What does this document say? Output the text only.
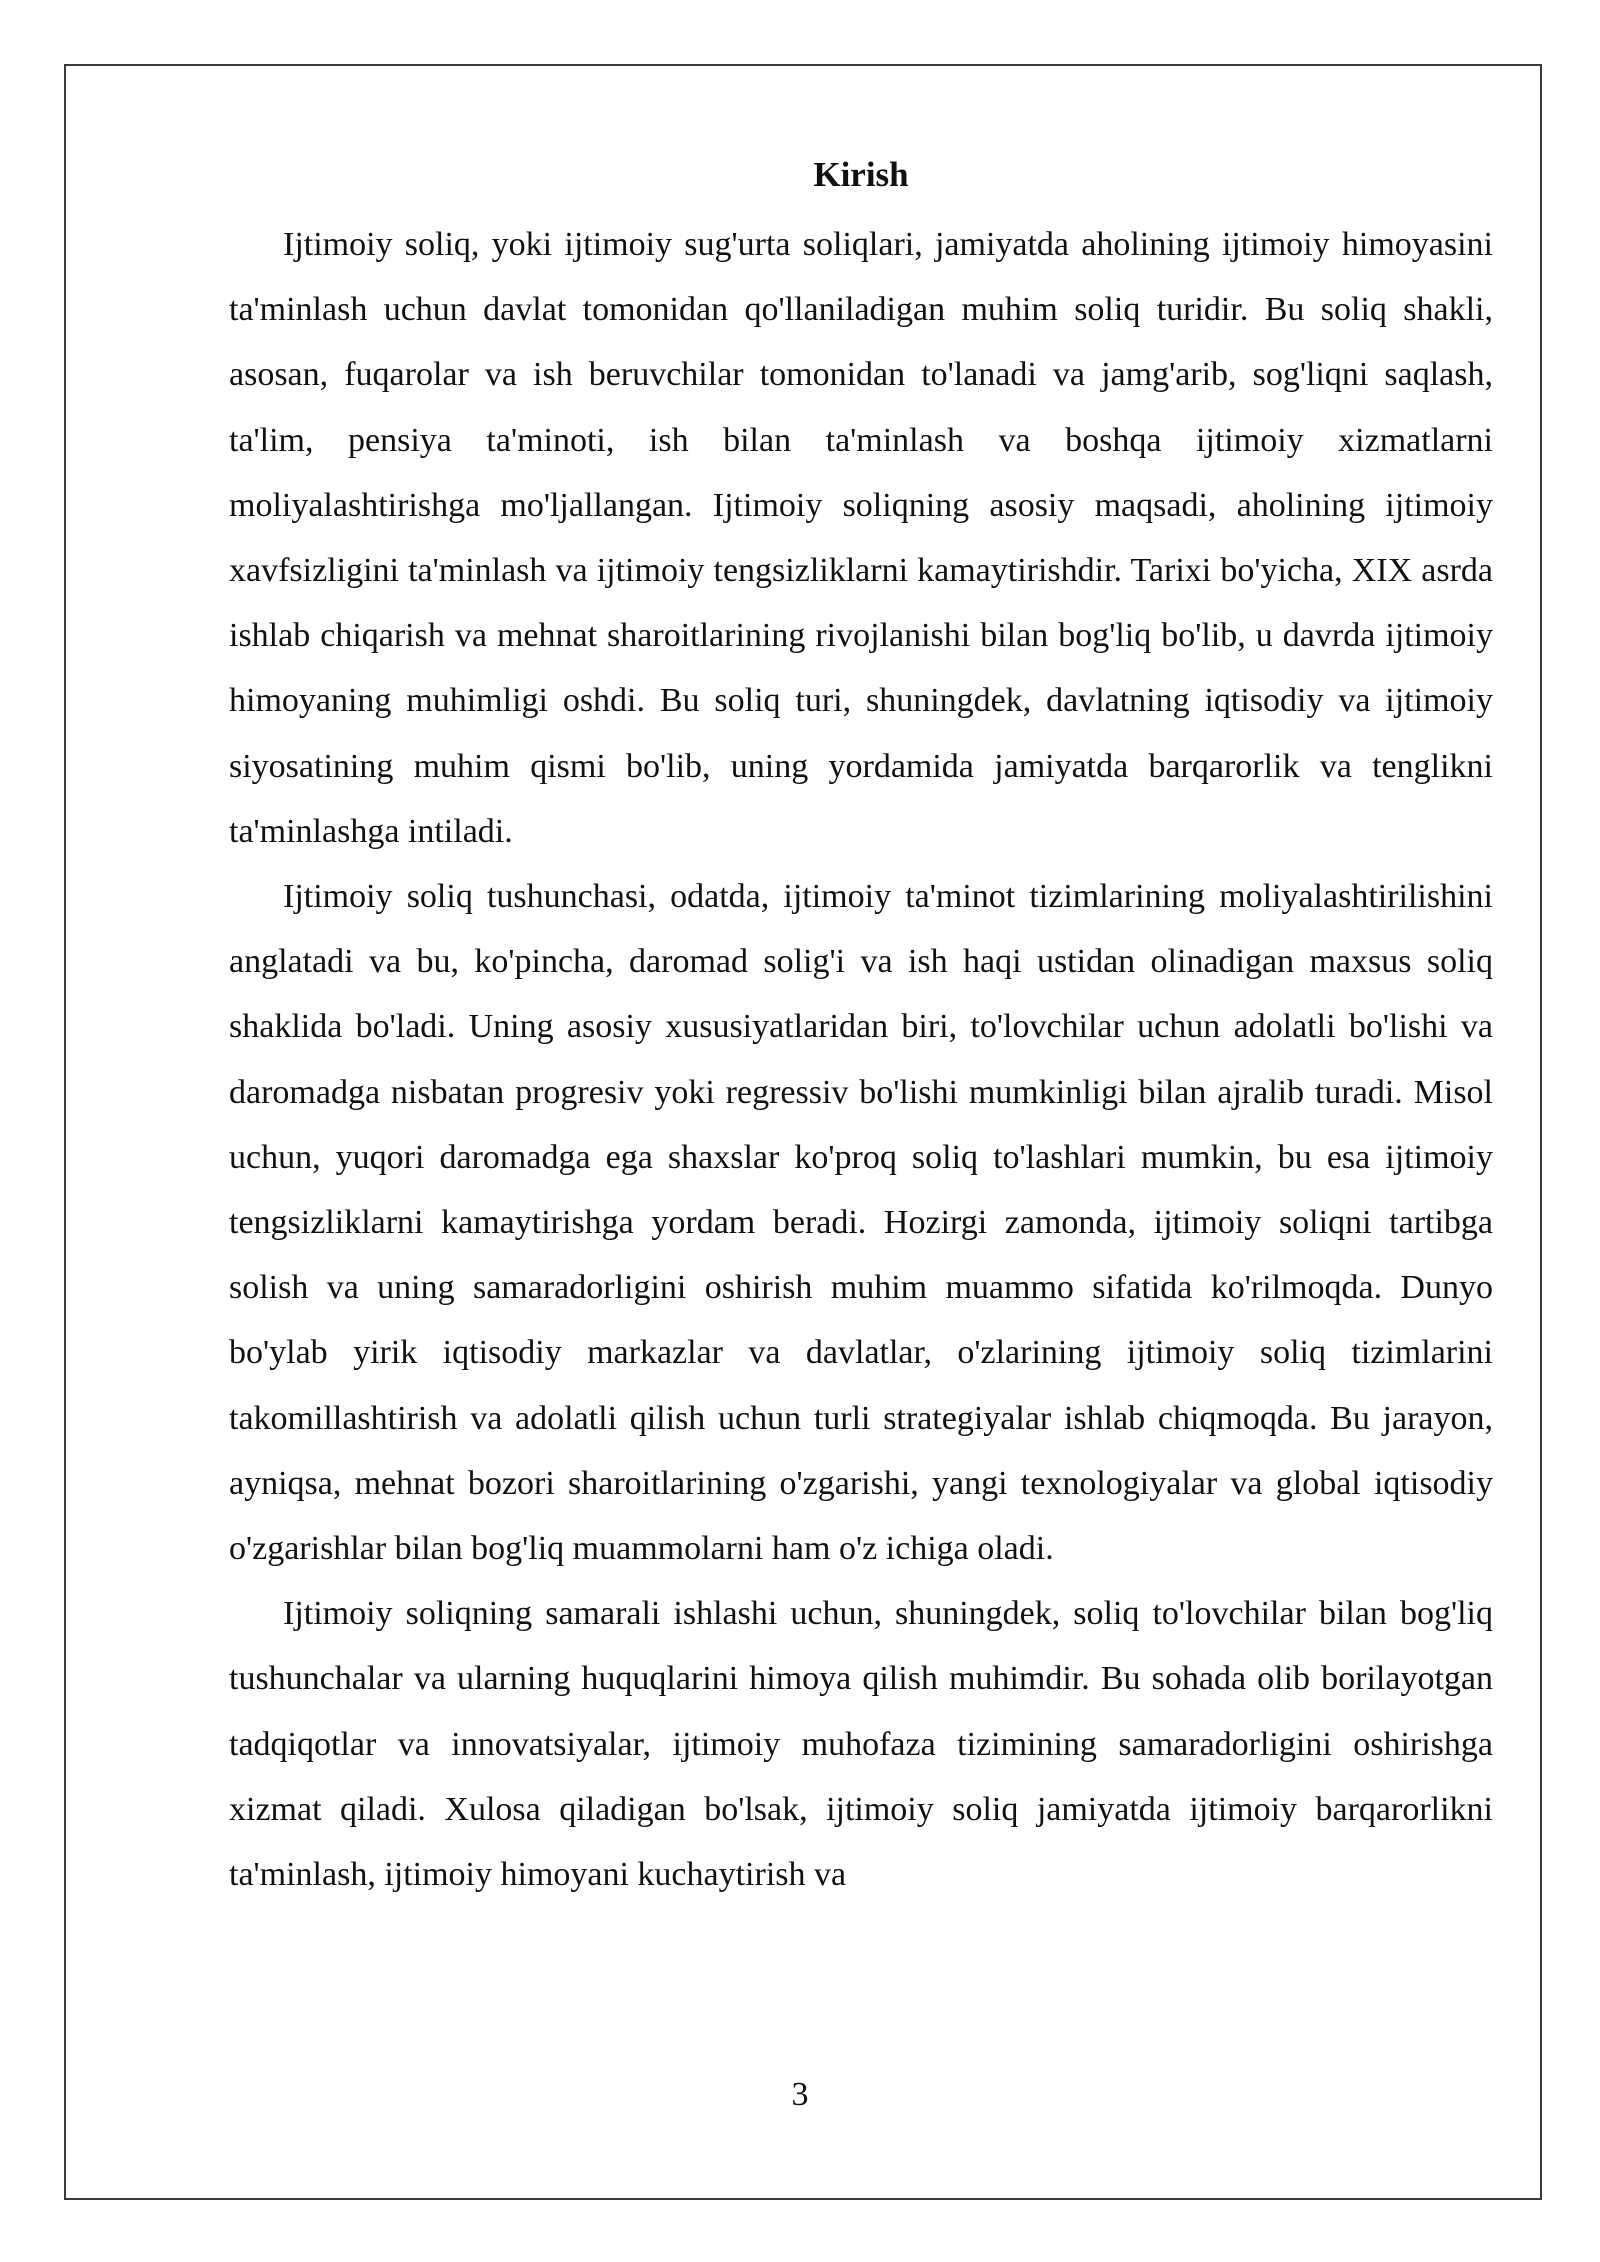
Kirish

Ijtimoiy soliq, yoki ijtimoiy sug'urta soliqlari, jamiyatda aholining ijtimoiy himoyasini ta'minlash uchun davlat tomonidan qo'llaniladigan muhim soliq turidir. Bu soliq shakli, asosan, fuqarolar va ish beruvchilar tomonidan to'lanadi va jamg'arib, sog'liqni saqlash, ta'lim, pensiya ta'minoti, ish bilan ta'minlash va boshqa ijtimoiy xizmatlarni moliyalashtirishga mo'ljallangan. Ijtimoiy soliqning asosiy maqsadi, aholining ijtimoiy xavfsizligini ta'minlash va ijtimoiy tengsizliklarni kamaytirishdir. Tarixi bo'yicha, XIX asrda ishlab chiqarish va mehnat sharoitlarining rivojlanishi bilan bog'liq bo'lib, u davrda ijtimoiy himoyaning muhimligi oshdi. Bu soliq turi, shuningdek, davlatning iqtisodiy va ijtimoiy siyosatining muhim qismi bo'lib, uning yordamida jamiyatda barqarorlik va tenglikni ta'minlashga intiladi.

Ijtimoiy soliq tushunchasi, odatda, ijtimoiy ta'minot tizimlarining moliyalashtirilishini anglatadi va bu, ko'pincha, daromad solig'i va ish haqi ustidan olinadigan maxsus soliq shaklida bo'ladi. Uning asosiy xususiyatlaridan biri, to'lovchilar uchun adolatli bo'lishi va daromadga nisbatan progresiv yoki regressiv bo'lishi mumkinligi bilan ajralib turadi. Misol uchun, yuqori daromadga ega shaxslar ko'proq soliq to'lashlari mumkin, bu esa ijtimoiy tengsizliklarni kamaytirishga yordam beradi. Hozirgi zamonda, ijtimoiy soliqni tartibga solish va uning samaradorligini oshirish muhim muammo sifatida ko'rilmoqda. Dunyo bo'ylab yirik iqtisodiy markazlar va davlatlar, o'zlarining ijtimoiy soliq tizimlarini takomillashtirish va adolatli qilish uchun turli strategiyalar ishlab chiqmoqda. Bu jarayon, ayniqsa, mehnat bozori sharoitlarining o'zgarishi, yangi texnologiyalar va global iqtisodiy o'zgarishlar bilan bog'liq muammolarni ham o'z ichiga oladi.

Ijtimoiy soliqning samarali ishlashi uchun, shuningdek, soliq to'lovchilar bilan bog'liq tushunchalar va ularning huquqlarini himoya qilish muhimdir. Bu sohada olib borilayotgan tadqiqotlar va innovatsiyalar, ijtimoiy muhofaza tizimining samaradorligini oshirishga xizmat qiladi. Xulosa qiladigan bo'lsak, ijtimoiy soliq jamiyatda ijtimoiy barqarorlikni ta'minlash, ijtimoiy himoyani kuchaytirish va

3
